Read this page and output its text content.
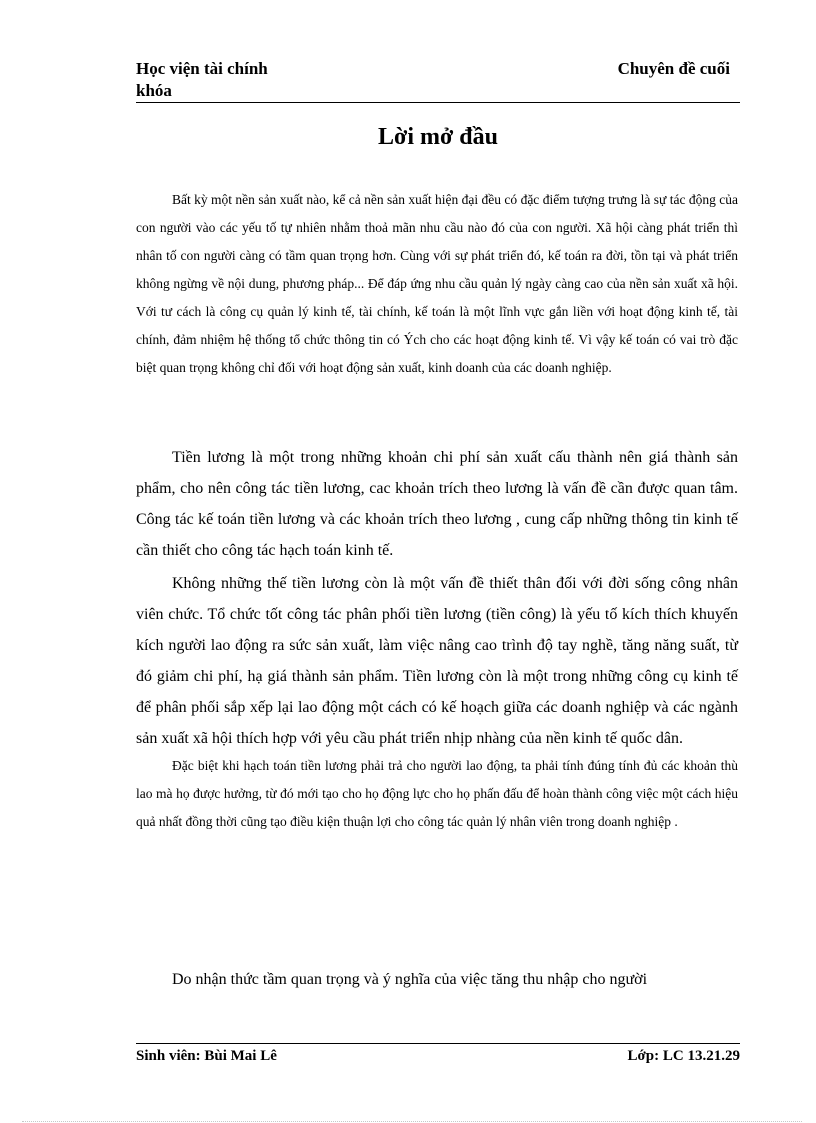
Học viện tài chính
khóa
Chuyên đề cuối
Lời mở đầu

Bất kỳ một nền sản xuất nào, kể cả nền sản xuất hiện đại đều có đặc điểm tượng trưng là sự tác động của con người vào các yếu tố tự nhiên nhằm thoả mãn nhu cầu nào đó của con người. Xã hội càng phát triển thì nhân tố con người càng có tầm quan trọng hơn. Cùng với sự phát triển đó, kế toán ra đời, tồn tại và phát triển không ngừng về nội dung, phương pháp... Để đáp ứng nhu cầu quản lý ngày càng cao của nền sản xuất xã hội. Với tư cách là công cụ quản lý kinh tế, tài chính, kế toán là một lĩnh vực gắn liền với hoạt động kinh tế, tài chính, đảm nhiệm hệ thống tổ chức thông tin có Ých cho các hoạt động kinh tế. Vì vậy kế toán có vai trò đặc biệt quan trọng không chỉ đối với hoạt động sản xuất, kinh doanh của các doanh nghiệp.

Tiền lương là một trong những khoản chi phí sản xuất cấu thành nên giá thành sản phẩm, cho nên công tác tiền lương, cac khoản trích theo lương là vấn đề cần được quan tâm. Công tác kế toán tiền lương và các khoản trích theo lương , cung cấp những thông tin kinh tế cần thiết cho công tác hạch toán kinh tế.

Không những thế tiền lương còn là một vấn đề thiết thân đối với đời sống công nhân viên chức. Tổ chức tốt công tác phân phối tiền lương (tiền công) là yếu tố kích thích khuyến kích người lao động ra sức sản xuất, làm việc nâng cao trình độ tay nghề, tăng năng suất, từ đó giảm chi phí, hạ giá thành sản phẩm. Tiền lương còn là một trong những công cụ kinh tế để phân phối sắp xếp lại lao động một cách có kế hoạch giữa các doanh nghiệp và các ngành sản xuất xã hội thích hợp với yêu cầu phát triển nhịp nhàng của nền kinh tế quốc dân.

Đặc biệt khi hạch toán tiền lương phải trả cho người lao động, ta phải tính đúng tính đủ các khoản thù lao mà họ được hưởng, từ đó mới tạo cho họ động lực cho họ phấn đấu để hoàn thành công việc một cách hiệu quả nhất đồng thời cũng tạo điều kiện thuận lợi cho công tác quản lý nhân viên trong doanh nghiệp .

Do nhận thức tầm quan trọng và ý nghĩa của việc tăng thu nhập cho người

Sinh viên: Bùi Mai Lê	Lớp: LC 13.21.29
